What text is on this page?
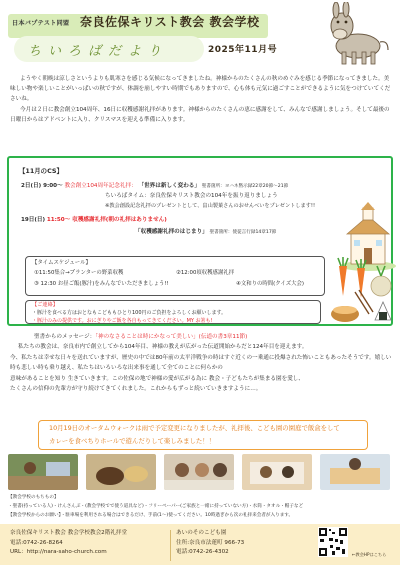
日本バプテスト同盟 奈良佐保キリスト教会 教会学校
ちいろばだより	2025年11月号

ようやく朝晩は涼しさというよりも肌寒さを感じる気候になってきましたね。神様からのたくさんの秋のめぐみを感じる季節になってきました。美味しい物や楽しいことがいっぱいの秋ですが、体調を崩しやすい時期でもありますので、心も体も元気に過ごすことができるように気をつけていてくださいね。

今月は２日に教会創立104周年、16日に収穫感謝礼拝があります。神様からのたくさんの恵に感謝をして、みんなで感謝しましょう。そして最後の日曜日からはアドベントに入り、クリスマスを迎える準備に入ります。

【11月のCS】
2日(日) 9:00～ 教会創立104周年記念礼拝： 「世界は新しく変わる」 聖書箇所：ヨハネ黙示録22章20節～21節
ちいろばタイム：奈良佐保キリスト教会の104年を振り返りましょう
※教会創設記念礼拝のプレゼントとして、畠山製菓さんのおせんべいをプレゼントします!!
19日(日) 11:50～ 収穫感謝礼拝(朝の礼拝はありません)
「収穫感謝礼拝のはじまり」 聖書箇所：使徒言行録14章17節
【タイムスケジュール】
①11:50集合→プランターの野菜収穫	②12:00頃収穫感謝礼拝
③ 12:30 お昼ご飯(豚汁)をみんなでいただきましょう!!	④文和りの時間(クイズ大会)
【ご連絡】
・豚汁を食べる方はおとなもこどももひとり100円のご負担をよろしくお願いします。
・豚汁のみの提供です。おにぎりやご飯を各自もってきてください。MY お箸も!
聖書からのメッセージ：「神のなさることは時にかなって美しい」(伝道の書3章11節)

私たちの教会は、奈良市内で創立してから104年目、神様の教えが広がった伝道開始からだと124年目を迎えます。

今、私たちは幸せな日々を送れていますが、歴史の中では80年前の太平洋戦争の時はすぐ近くの一乗通に投爆された怖いこともあったそうです。嬉しい時も悲しい時も乗り越え、私たちはいろいろな出来事を通して全てのことに何らかの

意味があることを知り 生きていきます。この佐保の地で神様の愛が広がる為に 教会・子どもたちが集まる園を愛し、

たくさんの信仰の先輩方が守り続けてきてくれました。これからもずっと続いていきますように…。

10月19日のオータムウォークは雨で予定変更になりましたが、礼拝後、こども園の園庭で飯盒をして
カレーを食べちりホールで遊んだりして楽しみました！！
【教会学校のもちもの】
・聖書(持っている人)・けんさんぶ・(教会学校でで使う道具など)・フリーペーパー(ご家族と一緒に持っていない方)・水筒・タオル・帽子など
【教会学校からのお願い】・駐車場を利用される場合はできるだけ、手前(1～)使ってください。10時過ぎから次の礼拝来会者が入ります。
奈良佐保キリスト教会 教会学校教会2階礼拝堂
電話:0742-26-8264
URL：http://nara-saho-church.com
あいのそのこども園
住所:奈良市法蓮町 966-73
電話:0742-26-4302	←教会HPはこちら
